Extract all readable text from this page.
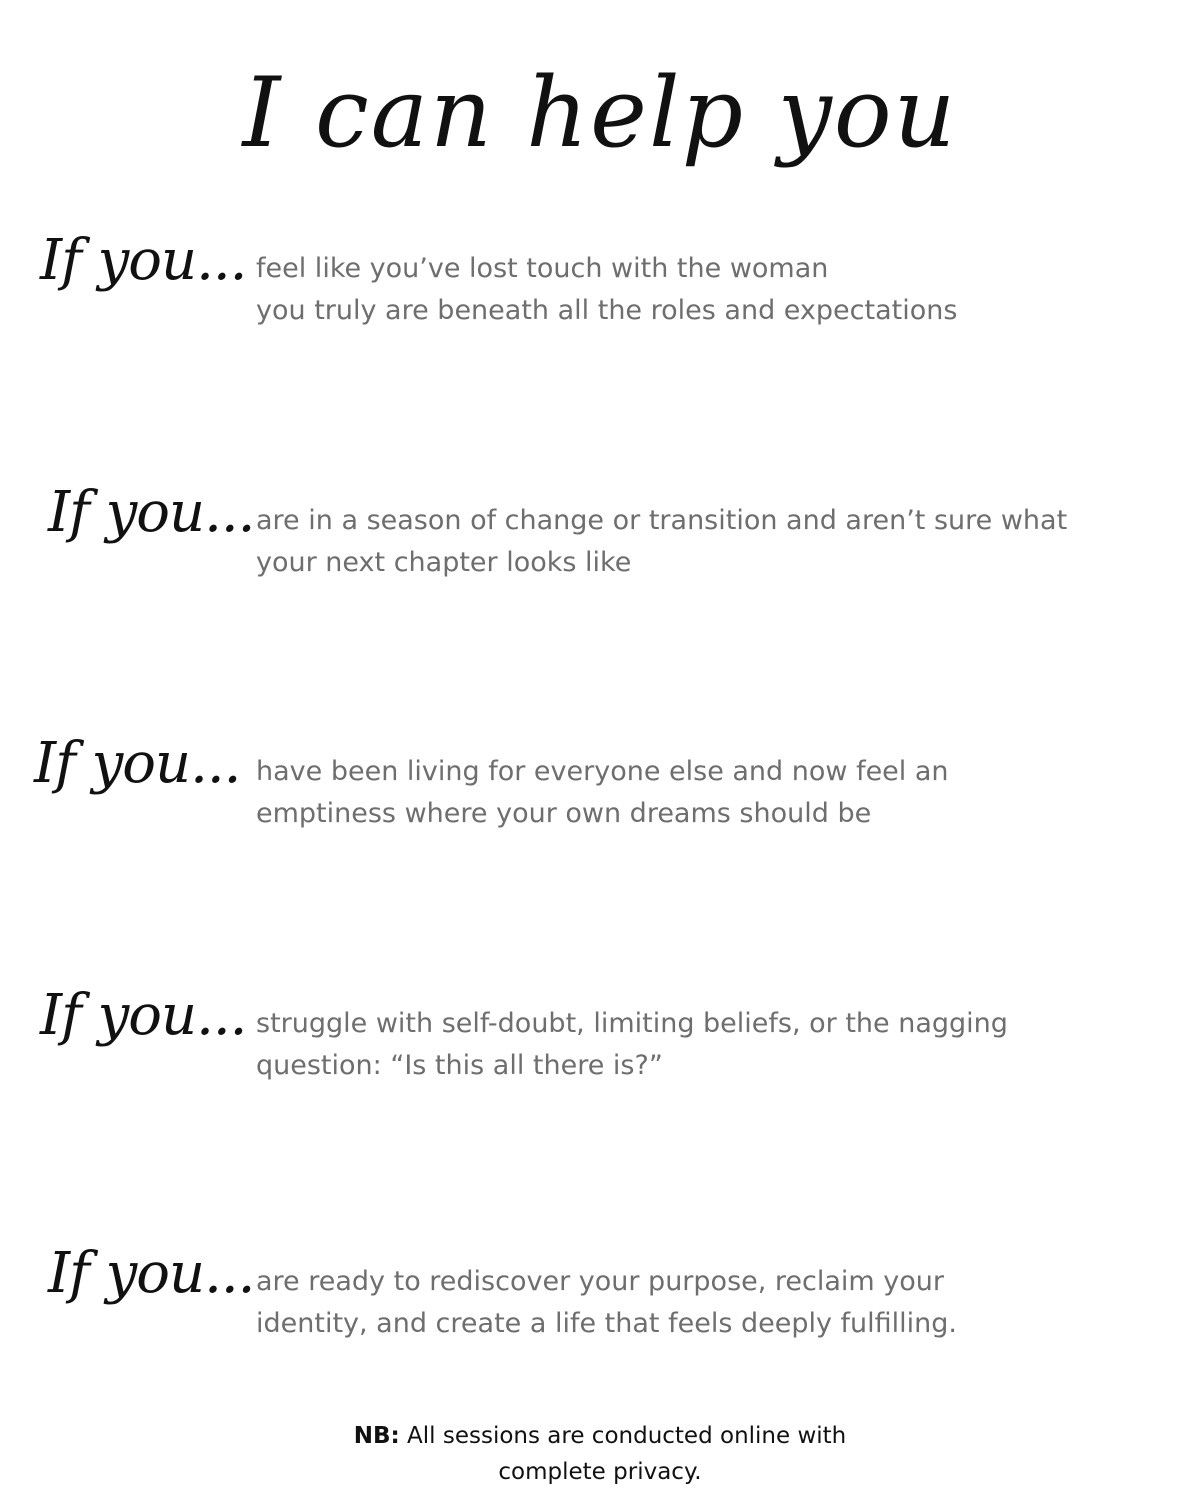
I can help you
If you... feel like you’ve lost touch with the woman
you truly are beneath all the roles and expectations
If you... are in a season of change or transition and aren’t sure what
your next chapter looks like
If you... have been living for everyone else and now feel an
emptiness where your own dreams should be
If you... struggle with self-doubt, limiting beliefs, or the nagging
question: “Is this all there is?”
If you... are ready to rediscover your purpose, reclaim your
identity, and create a life that feels deeply fulfilling.
NB: All sessions are conducted online with
complete privacy.
